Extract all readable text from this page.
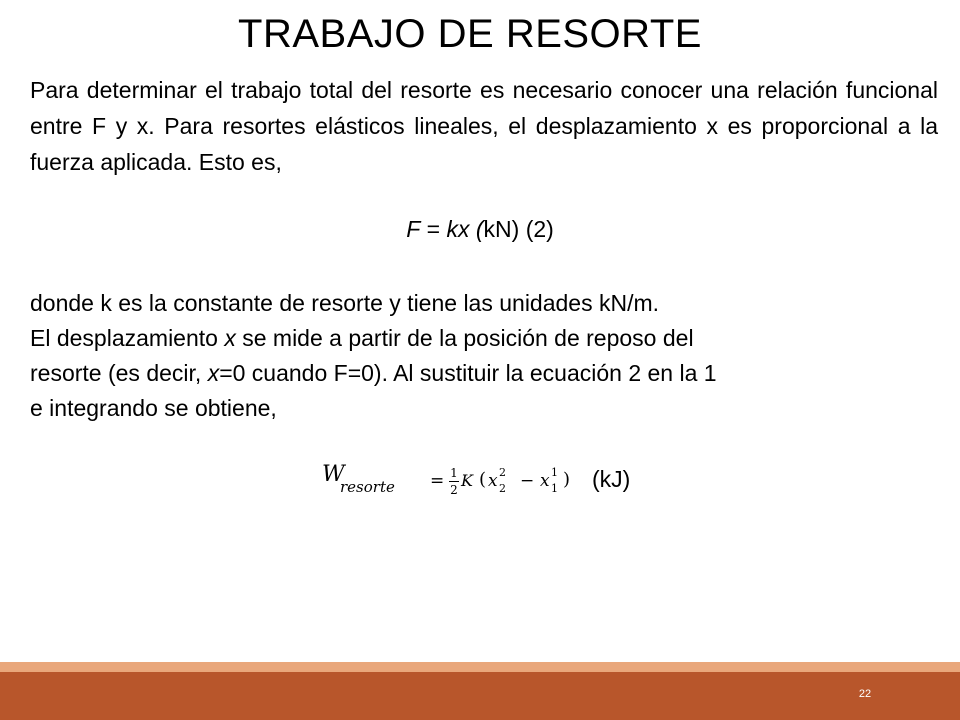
TRABAJO DE RESORTE
Para determinar el trabajo total del resorte es necesario conocer una relación funcional entre F y x. Para resortes elásticos lineales, el desplazamiento x es proporcional a la fuerza aplicada. Esto es,
F = kx (kN) (2)
donde k es la constante de resorte y tiene las unidades kN/m.
El desplazamiento x se mide a partir de la posición de reposo del
resorte (es decir, x=0 cuando F=0). Al sustituir la ecuación 2 en la 1
e integrando se obtiene,
W
resorte = 1
2 K ( x 2
2 − x 1
1 ) (kJ)
22
